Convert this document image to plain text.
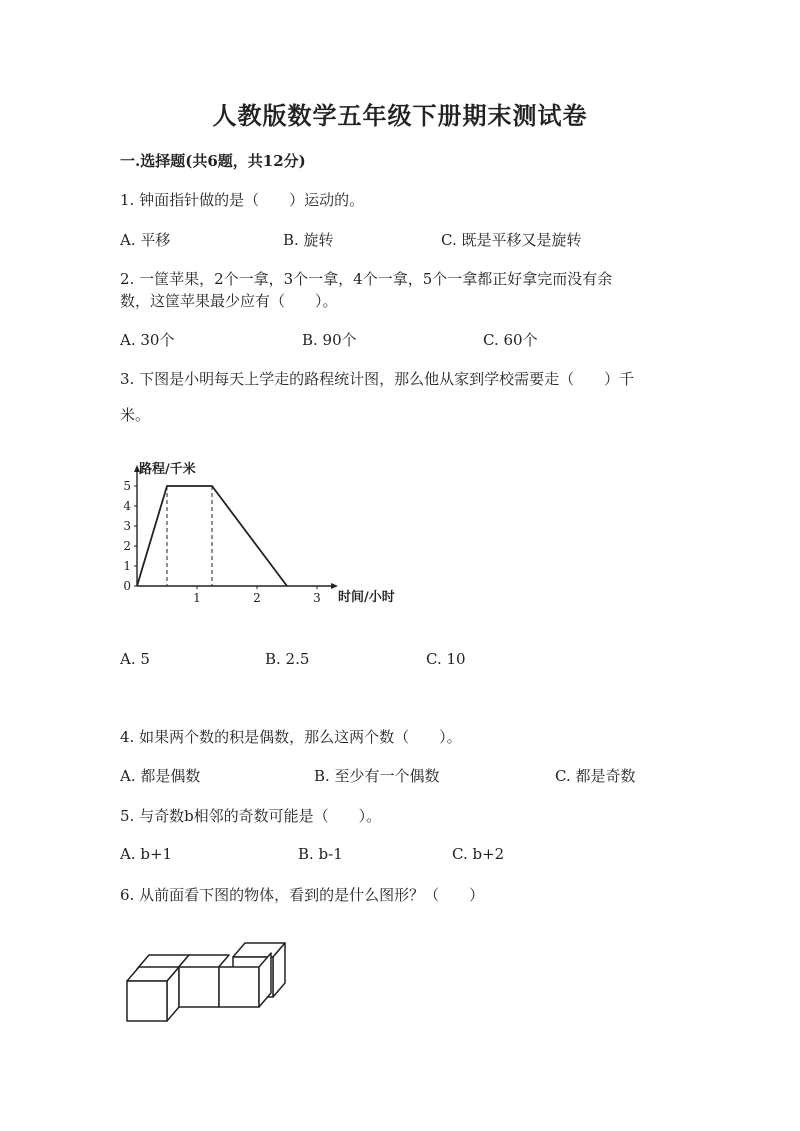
人教版数学五年级下册期末测试卷
一.选择题(共6题，共12分)
1. 钟面指针做的是（　　）运动的。
A. 平移	B. 旋转	C. 既是平移又是旋转
2. 一筐苹果，2个一拿，3个一拿，4个一拿，5个一拿都正好拿完而没有余
数，这筐苹果最少应有（　　）。
A. 30个	B. 90个	C. 60个
3. 下图是小明每天上学走的路程统计图，那么他从家到学校需要走（　　）千
米。
0
1
2
3
4
5
1	2	3
路程/千米
时间/小时
A. 5	B. 2.5	C. 10
4. 如果两个数的积是偶数，那么这两个数（　　）。
A. 都是偶数	B. 至少有一个偶数	C. 都是奇数
5. 与奇数b相邻的奇数可能是（　　）。
A. b+1	B. b-1	C. b+2
6. 从前面看下图的物体，看到的是什么图形？（　　）
